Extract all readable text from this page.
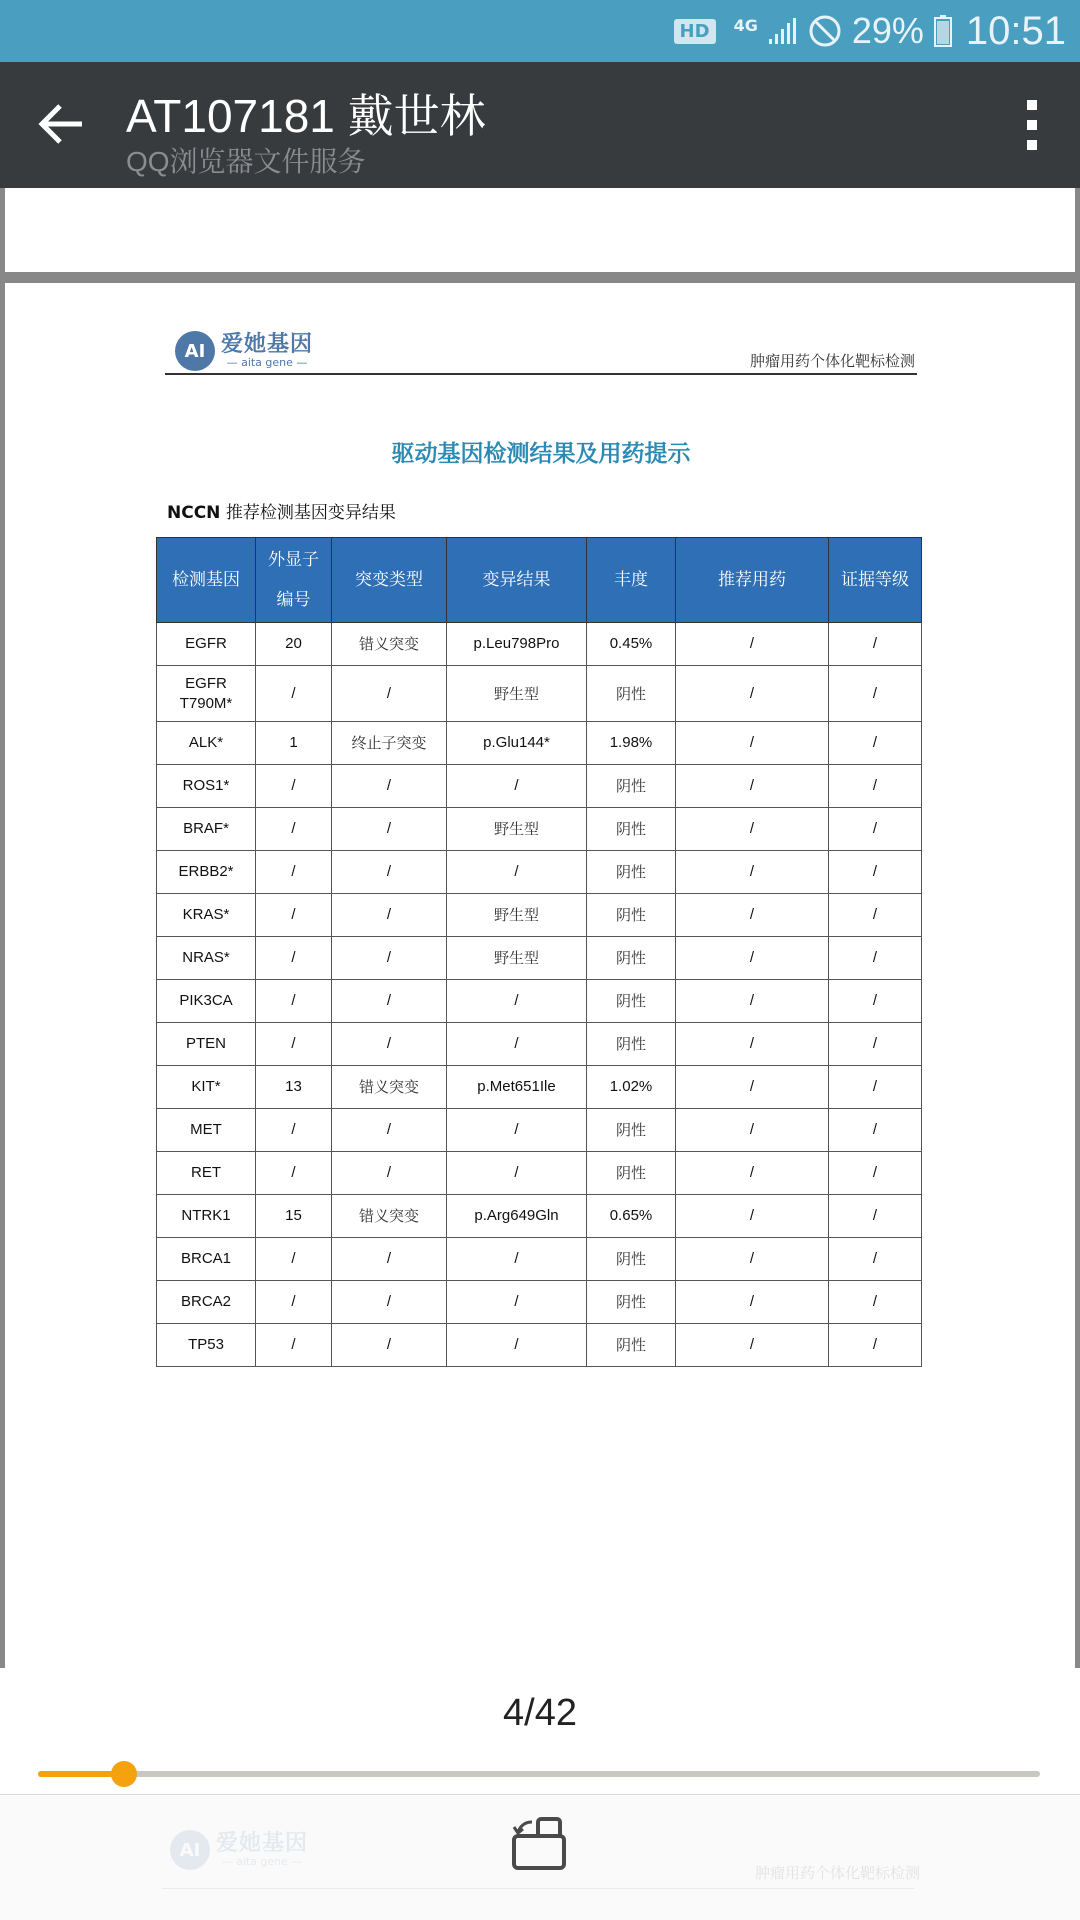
HD	4G	29% 10:51
AT107181 戴世林
QQ浏览器文件服务
AI 爱她基因
— aita gene —	肿瘤用药个体化靶标检测
驱动基因检测结果及用药提示
NCCN 推荐检测基因变异结果
检测基因	外显子
编号	突变类型	变异结果	丰度	推荐用药	证据等级
EGFR	20	错义突变	p.Leu798Pro	0.45%	/	/
EGFR
T790M*	/	/	野生型	阴性	/	/
ALK*	1	终止子突变	p.Glu144*	1.98%	/	/
ROS1*	/	/	/	阴性	/	/
BRAF*	/	/	野生型	阴性	/	/
ERBB2*	/	/	/	阴性	/	/
KRAS*	/	/	野生型	阴性	/	/
NRAS*	/	/	野生型	阴性	/	/
PIK3CA	/	/	/	阴性	/	/
PTEN	/	/	/	阴性	/	/
KIT*	13	错义突变	p.Met651Ile	1.02%	/	/
MET	/	/	/	阴性	/	/
RET	/	/	/	阴性	/	/
NTRK1	15	错义突变	p.Arg649Gln	0.65%	/	/
BRCA1	/	/	/	阴性	/	/
BRCA2	/	/	/	阴性	/	/
TP53	/	/	/	阴性	/	/
4/42
AI 爱她基因
— aita gene —
肿瘤用药个体化靶标检测
